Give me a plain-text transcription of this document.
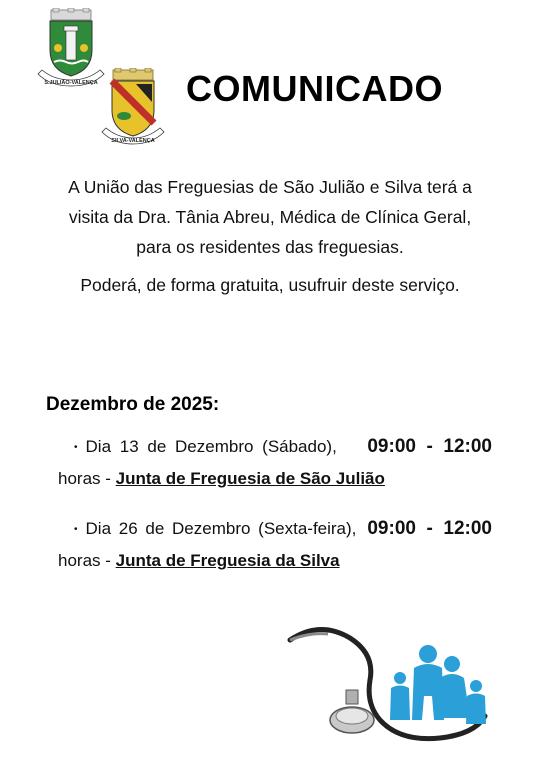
S.JULIÃO-VALENÇA
SILVA-VALENÇA
COMUNICADO

A União das Freguesias de São Julião e Silva terá a

visita da Dra. Tânia Abreu, Médica de Clínica Geral,

para os residentes das freguesias.

Poderá, de forma gratuita, usufruir deste serviço.

Dezembro de 2025:
• Dia 13 de Dezembro (Sábado),	09:00  -  12:00
horas - Junta de Freguesia de São Julião
• Dia 26 de Dezembro (Sexta-feira), 09:00  -  12:00
horas - Junta de Freguesia da Silva
